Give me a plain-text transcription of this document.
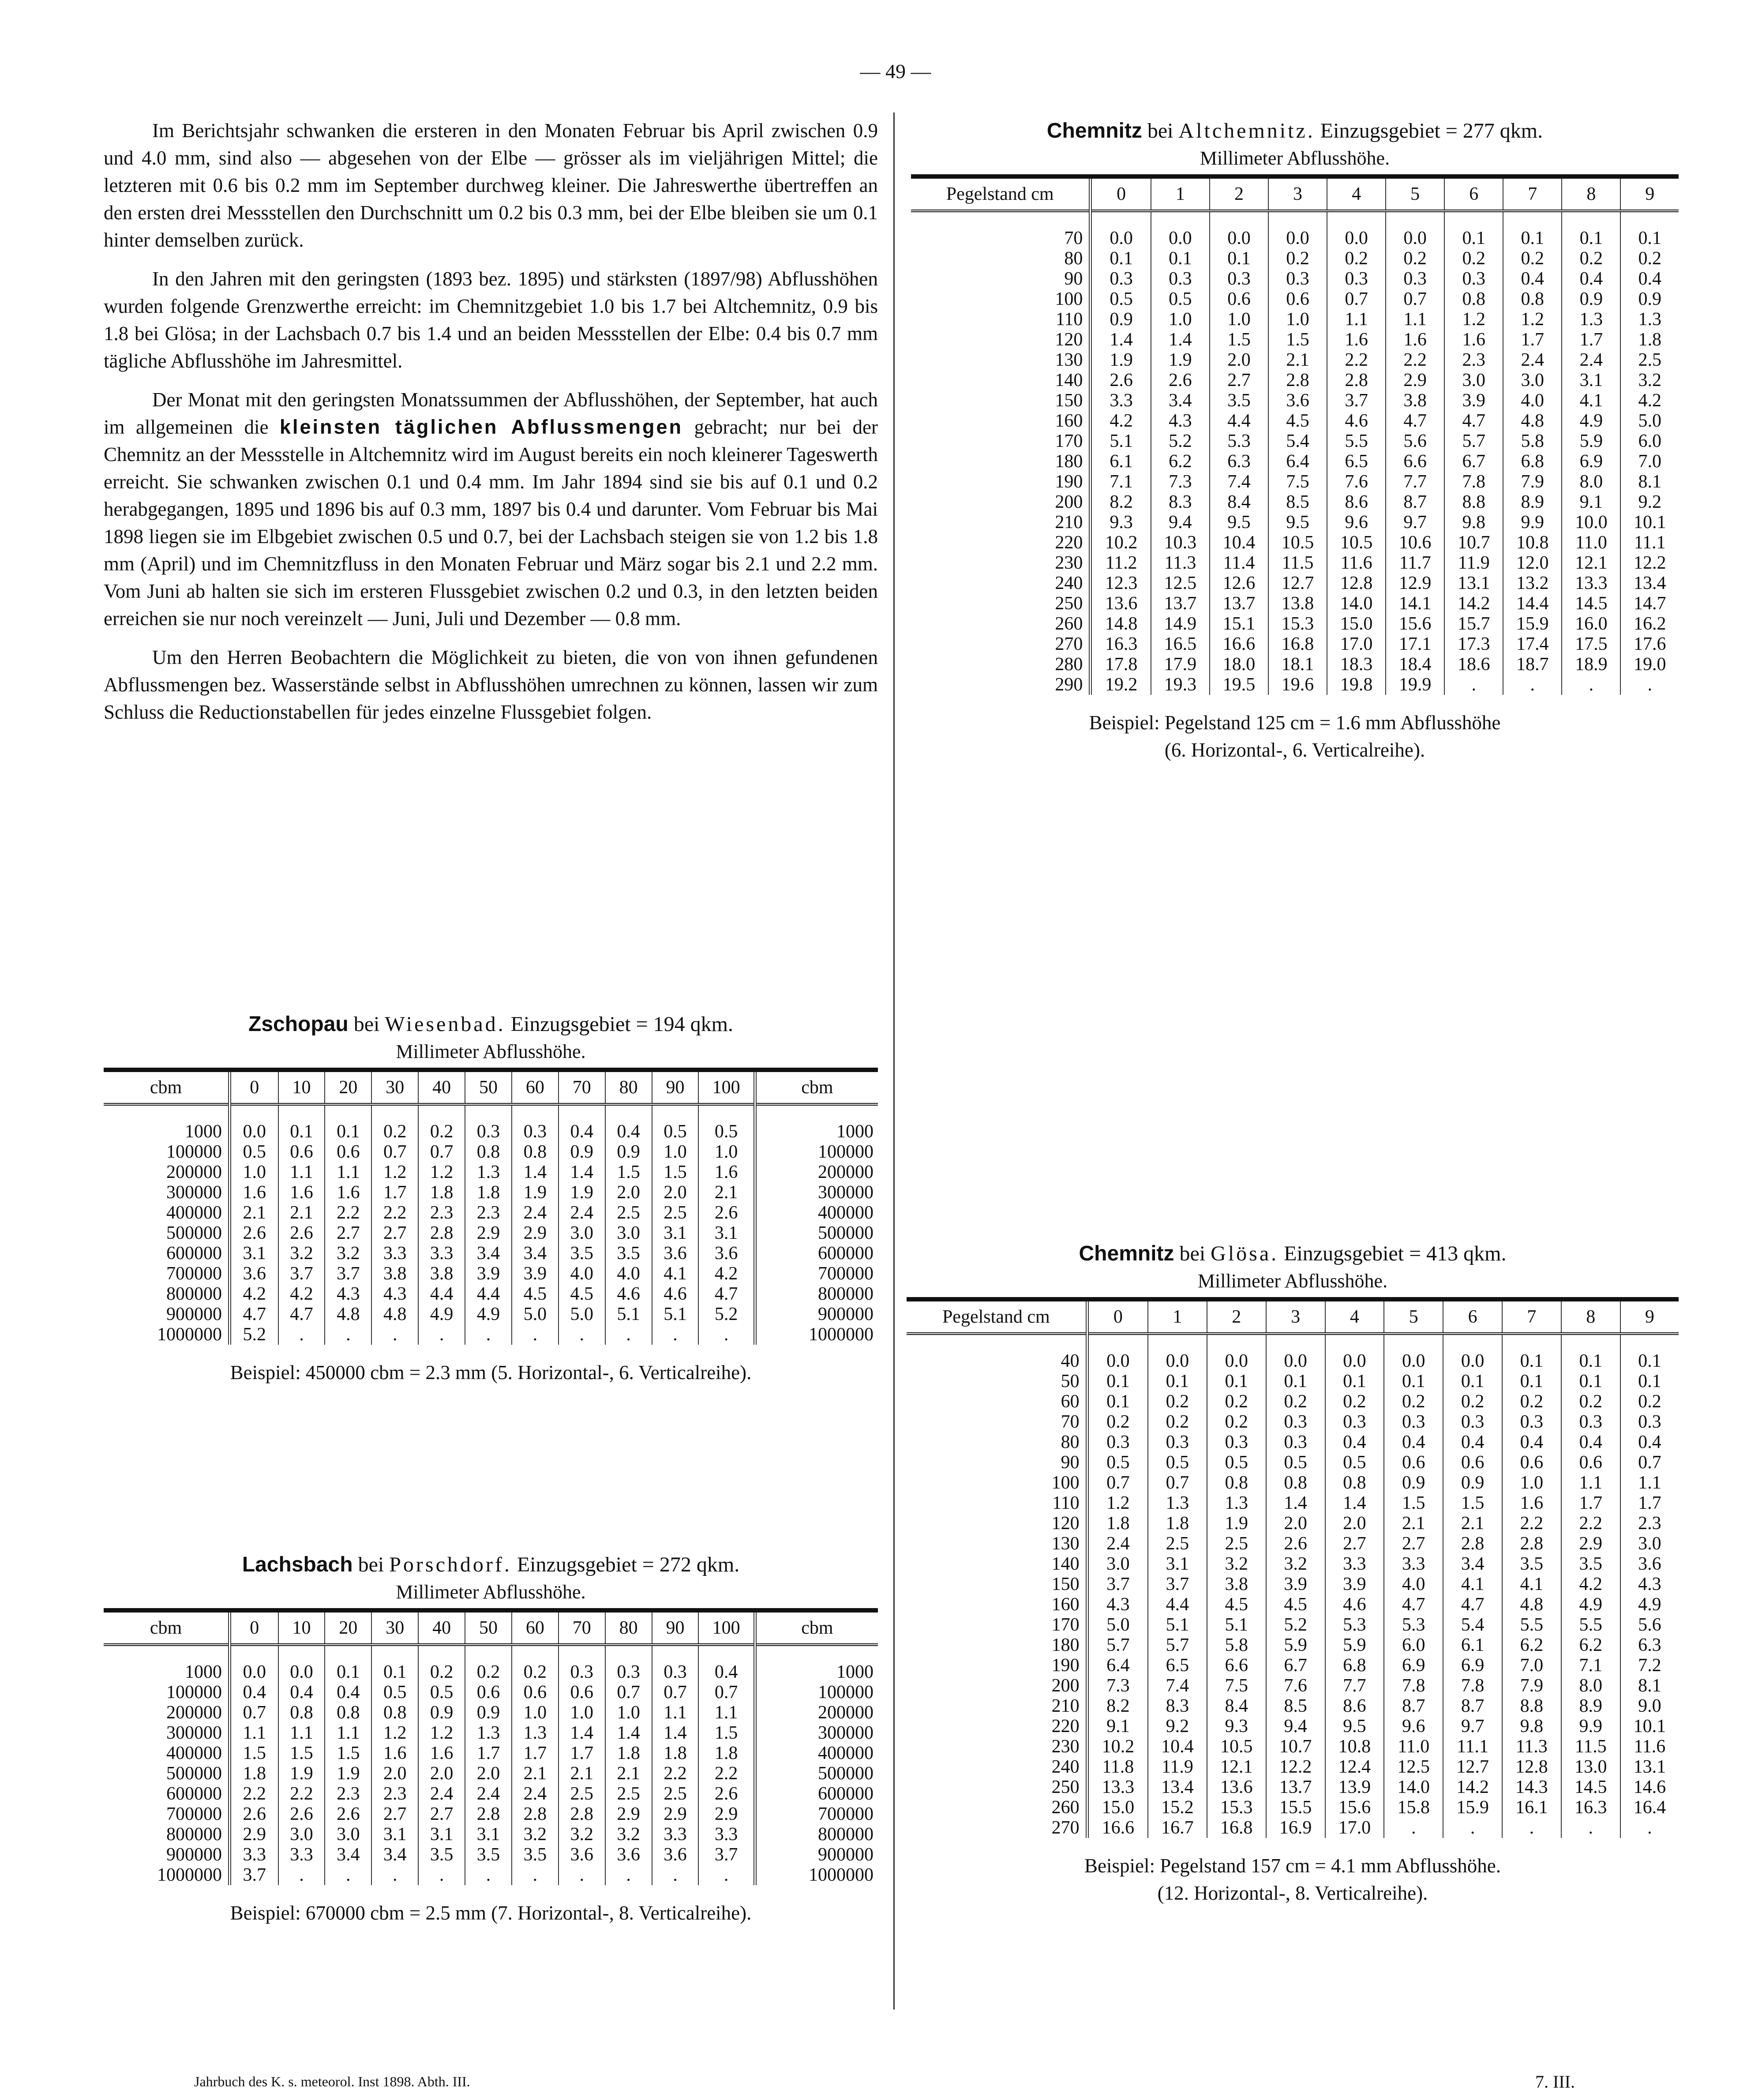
— 49 —

Im Berichtsjahr schwanken die ersteren in den Monaten Februar bis April zwischen 0.9 und 4.0 mm, sind also — abgesehen von der Elbe — grösser als im vieljährigen Mittel; die letzteren mit 0.6 bis 0.2 mm im September durchweg kleiner. Die Jahreswerthe übertreffen an den ersten drei Messstellen den Durchschnitt um 0.2 bis 0.3 mm, bei der Elbe bleiben sie um 0.1 hinter demselben zurück.

In den Jahren mit den geringsten (1893 bez. 1895) und stärksten (1897/98) Abflusshöhen wurden folgende Grenzwerthe erreicht: im Chemnitzgebiet 1.0 bis 1.7 bei Altchemnitz, 0.9 bis 1.8 bei Glösa; in der Lachsbach 0.7 bis 1.4 und an beiden Messstellen der Elbe: 0.4 bis 0.7 mm tägliche Abflusshöhe im Jahresmittel.

Der Monat mit den geringsten Monatssummen der Abflusshöhen, der September, hat auch im allgemeinen die kleinsten täglichen Abflussmengen gebracht; nur bei der Chemnitz an der Messstelle in Altchemnitz wird im August bereits ein noch kleinerer Tageswerth erreicht. Sie schwanken zwischen 0.1 und 0.4 mm. Im Jahr 1894 sind sie bis auf 0.1 und 0.2 herabgegangen, 1895 und 1896 bis auf 0.3 mm, 1897 bis 0.4 und darunter. Vom Februar bis Mai 1898 liegen sie im Elbgebiet zwischen 0.5 und 0.7, bei der Lachsbach steigen sie von 1.2 bis 1.8 mm (April) und im Chemnitzfluss in den Monaten Februar und März sogar bis 2.1 und 2.2 mm. Vom Juni ab halten sie sich im ersteren Flussgebiet zwischen 0.2 und 0.3, in den letzten beiden erreichen sie nur noch vereinzelt — Juni, Juli und Dezember — 0.8 mm.

Um den Herren Beobachtern die Möglichkeit zu bieten, die von von ihnen gefundenen Abflussmengen bez. Wasserstände selbst in Abflusshöhen umrechnen zu können, lassen wir zum Schluss die Reductionstabellen für jedes einzelne Flussgebiet folgen.

Zschopau bei Wiesenbad. Einzugsgebiet = 194 qkm.
Millimeter Abflusshöhe.
cbm	0	10	20	30	40	50	60	70	80	90	100	cbm
1000	0.0	0.1	0.1	0.2	0.2	0.3	0.3	0.4	0.4	0.5	0.5	1000
100000	0.5	0.6	0.6	0.7	0.7	0.8	0.8	0.9	0.9	1.0	1.0	100000
200000	1.0	1.1	1.1	1.2	1.2	1.3	1.4	1.4	1.5	1.5	1.6	200000
300000	1.6	1.6	1.6	1.7	1.8	1.8	1.9	1.9	2.0	2.0	2.1	300000
400000	2.1	2.1	2.2	2.2	2.3	2.3	2.4	2.4	2.5	2.5	2.6	400000
500000	2.6	2.6	2.7	2.7	2.8	2.9	2.9	3.0	3.0	3.1	3.1	500000
600000	3.1	3.2	3.2	3.3	3.3	3.4	3.4	3.5	3.5	3.6	3.6	600000
700000	3.6	3.7	3.7	3.8	3.8	3.9	3.9	4.0	4.0	4.1	4.2	700000
800000	4.2	4.2	4.3	4.3	4.4	4.4	4.5	4.5	4.6	4.6	4.7	800000
900000	4.7	4.7	4.8	4.8	4.9	4.9	5.0	5.0	5.1	5.1	5.2	900000
1000000	5.2	.	.	.	.	.	.	.	.	.	.	1000000
Beispiel: 450000 cbm = 2.3 mm (5. Horizontal-, 6. Verticalreihe).
Lachsbach bei Porschdorf. Einzugsgebiet = 272 qkm.
Millimeter Abflusshöhe.
cbm	0	10	20	30	40	50	60	70	80	90	100	cbm
1000	0.0	0.0	0.1	0.1	0.2	0.2	0.2	0.3	0.3	0.3	0.4	1000
100000	0.4	0.4	0.4	0.5	0.5	0.6	0.6	0.6	0.7	0.7	0.7	100000
200000	0.7	0.8	0.8	0.8	0.9	0.9	1.0	1.0	1.0	1.1	1.1	200000
300000	1.1	1.1	1.1	1.2	1.2	1.3	1.3	1.4	1.4	1.4	1.5	300000
400000	1.5	1.5	1.5	1.6	1.6	1.7	1.7	1.7	1.8	1.8	1.8	400000
500000	1.8	1.9	1.9	2.0	2.0	2.0	2.1	2.1	2.1	2.2	2.2	500000
600000	2.2	2.2	2.3	2.3	2.4	2.4	2.4	2.5	2.5	2.5	2.6	600000
700000	2.6	2.6	2.6	2.7	2.7	2.8	2.8	2.8	2.9	2.9	2.9	700000
800000	2.9	3.0	3.0	3.1	3.1	3.1	3.2	3.2	3.2	3.3	3.3	800000
900000	3.3	3.3	3.4	3.4	3.5	3.5	3.5	3.6	3.6	3.6	3.7	900000
1000000	3.7	.	.	.	.	.	.	.	.	.	.	1000000
Beispiel: 670000 cbm = 2.5 mm (7. Horizontal-, 8. Verticalreihe).
Chemnitz bei Altchemnitz. Einzugsgebiet = 277 qkm.
Millimeter Abflusshöhe.
Pegelstand cm	0	1	2	3	4	5	6	7	8	9
70	0.0	0.0	0.0	0.0	0.0	0.0	0.1	0.1	0.1	0.1
80	0.1	0.1	0.1	0.2	0.2	0.2	0.2	0.2	0.2	0.2
90	0.3	0.3	0.3	0.3	0.3	0.3	0.3	0.4	0.4	0.4
100	0.5	0.5	0.6	0.6	0.7	0.7	0.8	0.8	0.9	0.9
110	0.9	1.0	1.0	1.0	1.1	1.1	1.2	1.2	1.3	1.3
120	1.4	1.4	1.5	1.5	1.6	1.6	1.6	1.7	1.7	1.8
130	1.9	1.9	2.0	2.1	2.2	2.2	2.3	2.4	2.4	2.5
140	2.6	2.6	2.7	2.8	2.8	2.9	3.0	3.0	3.1	3.2
150	3.3	3.4	3.5	3.6	3.7	3.8	3.9	4.0	4.1	4.2
160	4.2	4.3	4.4	4.5	4.6	4.7	4.7	4.8	4.9	5.0
170	5.1	5.2	5.3	5.4	5.5	5.6	5.7	5.8	5.9	6.0
180	6.1	6.2	6.3	6.4	6.5	6.6	6.7	6.8	6.9	7.0
190	7.1	7.3	7.4	7.5	7.6	7.7	7.8	7.9	8.0	8.1
200	8.2	8.3	8.4	8.5	8.6	8.7	8.8	8.9	9.1	9.2
210	9.3	9.4	9.5	9.5	9.6	9.7	9.8	9.9	10.0	10.1
220	10.2	10.3	10.4	10.5	10.5	10.6	10.7	10.8	11.0	11.1
230	11.2	11.3	11.4	11.5	11.6	11.7	11.9	12.0	12.1	12.2
240	12.3	12.5	12.6	12.7	12.8	12.9	13.1	13.2	13.3	13.4
250	13.6	13.7	13.7	13.8	14.0	14.1	14.2	14.4	14.5	14.7
260	14.8	14.9	15.1	15.3	15.0	15.6	15.7	15.9	16.0	16.2
270	16.3	16.5	16.6	16.8	17.0	17.1	17.3	17.4	17.5	17.6
280	17.8	17.9	18.0	18.1	18.3	18.4	18.6	18.7	18.9	19.0
290	19.2	19.3	19.5	19.6	19.8	19.9	.	.	.	.
Beispiel: Pegelstand 125 cm = 1.6 mm Abflusshöhe
(6. Horizontal-, 6. Verticalreihe).
Chemnitz bei Glösa. Einzugsgebiet = 413 qkm.
Millimeter Abflusshöhe.
Pegelstand cm	0	1	2	3	4	5	6	7	8	9
40	0.0	0.0	0.0	0.0	0.0	0.0	0.0	0.1	0.1	0.1
50	0.1	0.1	0.1	0.1	0.1	0.1	0.1	0.1	0.1	0.1
60	0.1	0.2	0.2	0.2	0.2	0.2	0.2	0.2	0.2	0.2
70	0.2	0.2	0.2	0.3	0.3	0.3	0.3	0.3	0.3	0.3
80	0.3	0.3	0.3	0.3	0.4	0.4	0.4	0.4	0.4	0.4
90	0.5	0.5	0.5	0.5	0.5	0.6	0.6	0.6	0.6	0.7
100	0.7	0.7	0.8	0.8	0.8	0.9	0.9	1.0	1.1	1.1
110	1.2	1.3	1.3	1.4	1.4	1.5	1.5	1.6	1.7	1.7
120	1.8	1.8	1.9	2.0	2.0	2.1	2.1	2.2	2.2	2.3
130	2.4	2.5	2.5	2.6	2.7	2.7	2.8	2.8	2.9	3.0
140	3.0	3.1	3.2	3.2	3.3	3.3	3.4	3.5	3.5	3.6
150	3.7	3.7	3.8	3.9	3.9	4.0	4.1	4.1	4.2	4.3
160	4.3	4.4	4.5	4.5	4.6	4.7	4.7	4.8	4.9	4.9
170	5.0	5.1	5.1	5.2	5.3	5.3	5.4	5.5	5.5	5.6
180	5.7	5.7	5.8	5.9	5.9	6.0	6.1	6.2	6.2	6.3
190	6.4	6.5	6.6	6.7	6.8	6.9	6.9	7.0	7.1	7.2
200	7.3	7.4	7.5	7.6	7.7	7.8	7.8	7.9	8.0	8.1
210	8.2	8.3	8.4	8.5	8.6	8.7	8.7	8.8	8.9	9.0
220	9.1	9.2	9.3	9.4	9.5	9.6	9.7	9.8	9.9	10.1
230	10.2	10.4	10.5	10.7	10.8	11.0	11.1	11.3	11.5	11.6
240	11.8	11.9	12.1	12.2	12.4	12.5	12.7	12.8	13.0	13.1
250	13.3	13.4	13.6	13.7	13.9	14.0	14.2	14.3	14.5	14.6
260	15.0	15.2	15.3	15.5	15.6	15.8	15.9	16.1	16.3	16.4
270	16.6	16.7	16.8	16.9	17.0	.	.	.	.	.
Beispiel: Pegelstand 157 cm = 4.1 mm Abflusshöhe.
(12. Horizontal-, 8. Verticalreihe).
Jahrbuch des K. s. meteorol. Inst 1898. Abth. III.	7. III.
